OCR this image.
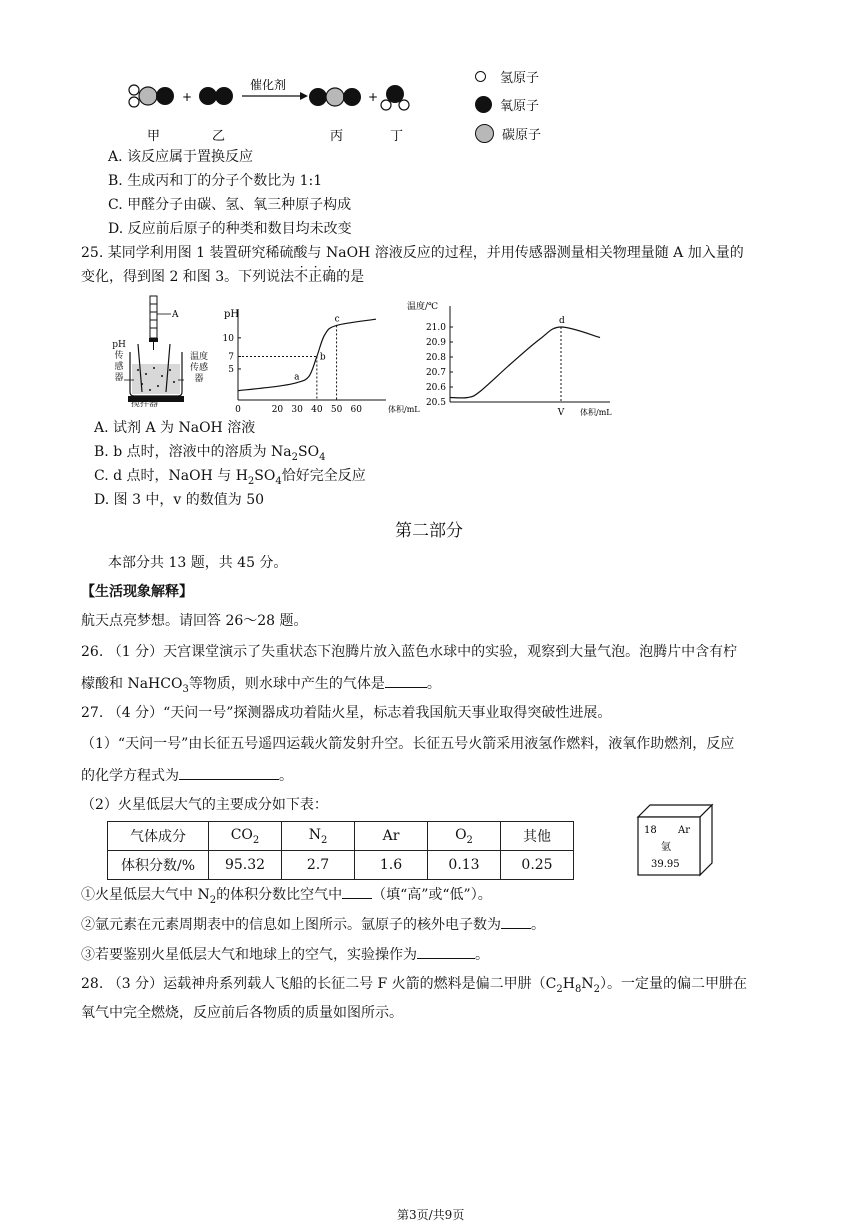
+
催化剂
+
甲	乙	丙	丁
氢原子
氧原子
碳原子
A. 该反应属于置换反应
B. 生成丙和丁的分子个数比为 1:1
C. 甲醛分子由碳、氢、氧三种原子构成
D. 反应前后原子的种类和数目均未改变
25. 某同学利用图 1 装置研究稀硫酸与 NaOH 溶液反应的过程，并用传感器测量相关物理量随 A 加入量的
变化，得到图 2 和图 3。下列说法不正确的是
A
pH
传
感
器
温度
传感
器
搅拌器
pH
体积/mL
0	20 30 40 50 60
5
7
10
a
b
c
温度/℃
体积/mL
20.5
20.6
20.7
20.8
20.9
21.0
d
V
A. 试剂 A 为 NaOH 溶液
B. b 点时，溶液中的溶质为 $Na_2SO_4$
C. d 点时，NaOH 与 $H_2SO_4$恰好完全反应
D. 图 3 中，v 的数值为 50
第二部分
本部分共 13 题，共 45 分。
【生活现象解释】
航天点亮梦想。请回答 26～28 题。
26. （1 分）天宫课堂演示了失重状态下泡腾片放入蓝色水球中的实验，观察到大量气泡。泡腾片中含有柠
檬酸和 NaHCO$_3$等物质，则水球中产生的气体是	。
27. （4 分）“天问一号”探测器成功着陆火星，标志着我国航天事业取得突破性进展。
（1）“天问一号”由长征五号遥四运载火箭发射升空。长征五号火箭采用液氢作燃料，液氧作助燃剂，反应
的化学方程式为	。
（2）火星低层大气的主要成分如下表：
气体成分	$CO_2$	$N_2$	Ar	$O_2$	其他
体积分数/%	95.32	2.7	1.6	0.13	0.25
18 Ar
氩
39.95
①火星低层大气中 $N_2$的体积分数比空气中 （填“高”或“低”）。
②氩元素在元素周期表中的信息如上图所示。氩原子的核外电子数为 。
③若要鉴别火星低层大气和地球上的空气，实验操作为	。
28. （3 分）运载神舟系列载人飞船的长征二号 F 火箭的燃料是偏二甲肼$(C_2H_8N_2)$。一定量的偏二甲肼在
氧气中完全燃烧，反应前后各物质的质量如图所示。
第3页/共9页
